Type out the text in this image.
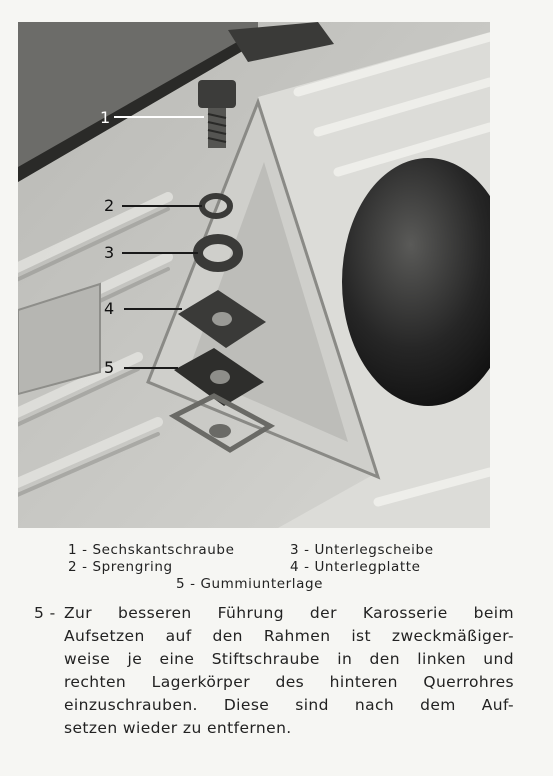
1
2
3
4
5
1 - Sechskantschraube	3 - Unterlegscheibe
2 - Sprengring	4 - Unterlegplatte
5 - Gummiunterlage
5 - Zur besseren Führung der Karosserie beim
Aufsetzen auf den Rahmen ist zweckmäßiger-
weise je eine Stiftschraube in den linken und
rechten Lagerkörper des hinteren Querrohres
einzuschrauben. Diese sind nach dem Auf-
setzen wieder zu entfernen.
